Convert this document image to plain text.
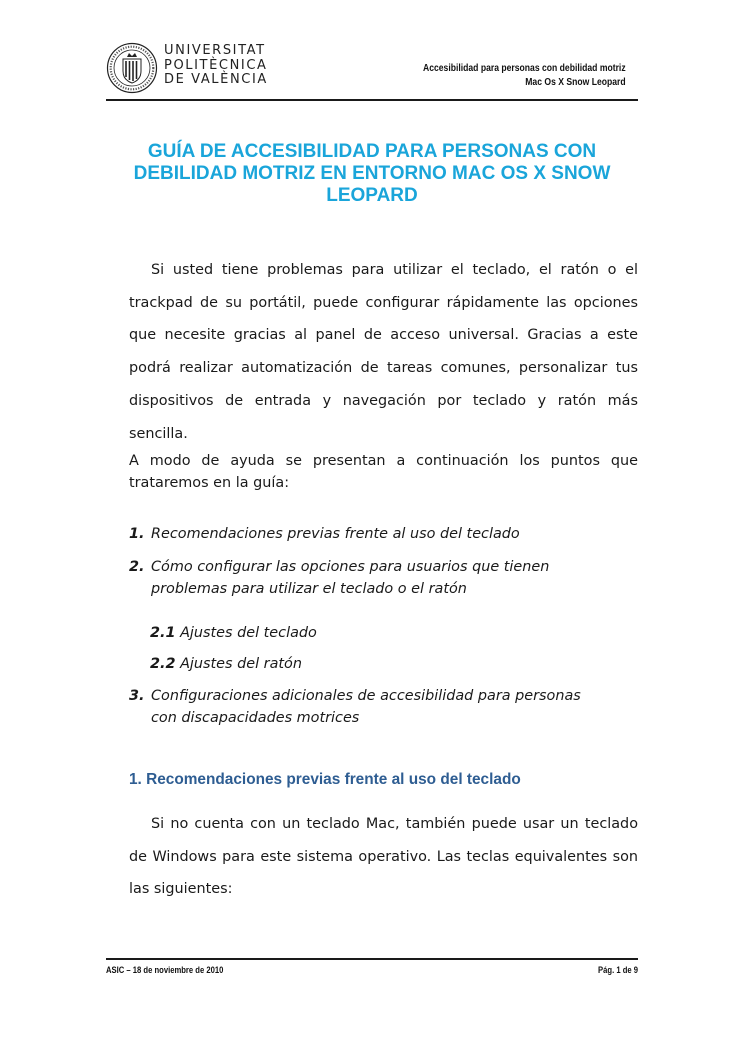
UNIVERSITAT
POLITÈCNICA
DE VALÈNCIA
Accesibilidad para personas con debilidad motriz
Mac Os X Snow Leopard
GUÍA DE ACCESIBILIDAD PARA PERSONAS CON DEBILIDAD MOTRIZ EN ENTORNO MAC OS X SNOW LEOPARD
Si usted tiene problemas para utilizar el teclado, el ratón o el trackpad de su portátil, puede configurar rápidamente las opciones que necesite gracias al panel de acceso universal. Gracias a este podrá realizar automatización de tareas comunes, personalizar tus dispositivos de entrada y navegación por teclado y ratón más sencilla.
A modo de ayuda se presentan a continuación los puntos que trataremos en la guía:
1. Recomendaciones previas frente al uso del teclado
2. Cómo configurar las opciones para usuarios que tienen problemas para utilizar el teclado o el ratón
2.1 Ajustes del teclado
2.2 Ajustes del ratón
3. Configuraciones adicionales de accesibilidad para personas con discapacidades motrices
1. Recomendaciones previas frente al uso del teclado
Si no cuenta con un teclado Mac, también puede usar un teclado de Windows para este sistema operativo. Las teclas equivalentes son las siguientes:
ASIC – 18 de noviembre de 2010	Pág. 1 de 9
